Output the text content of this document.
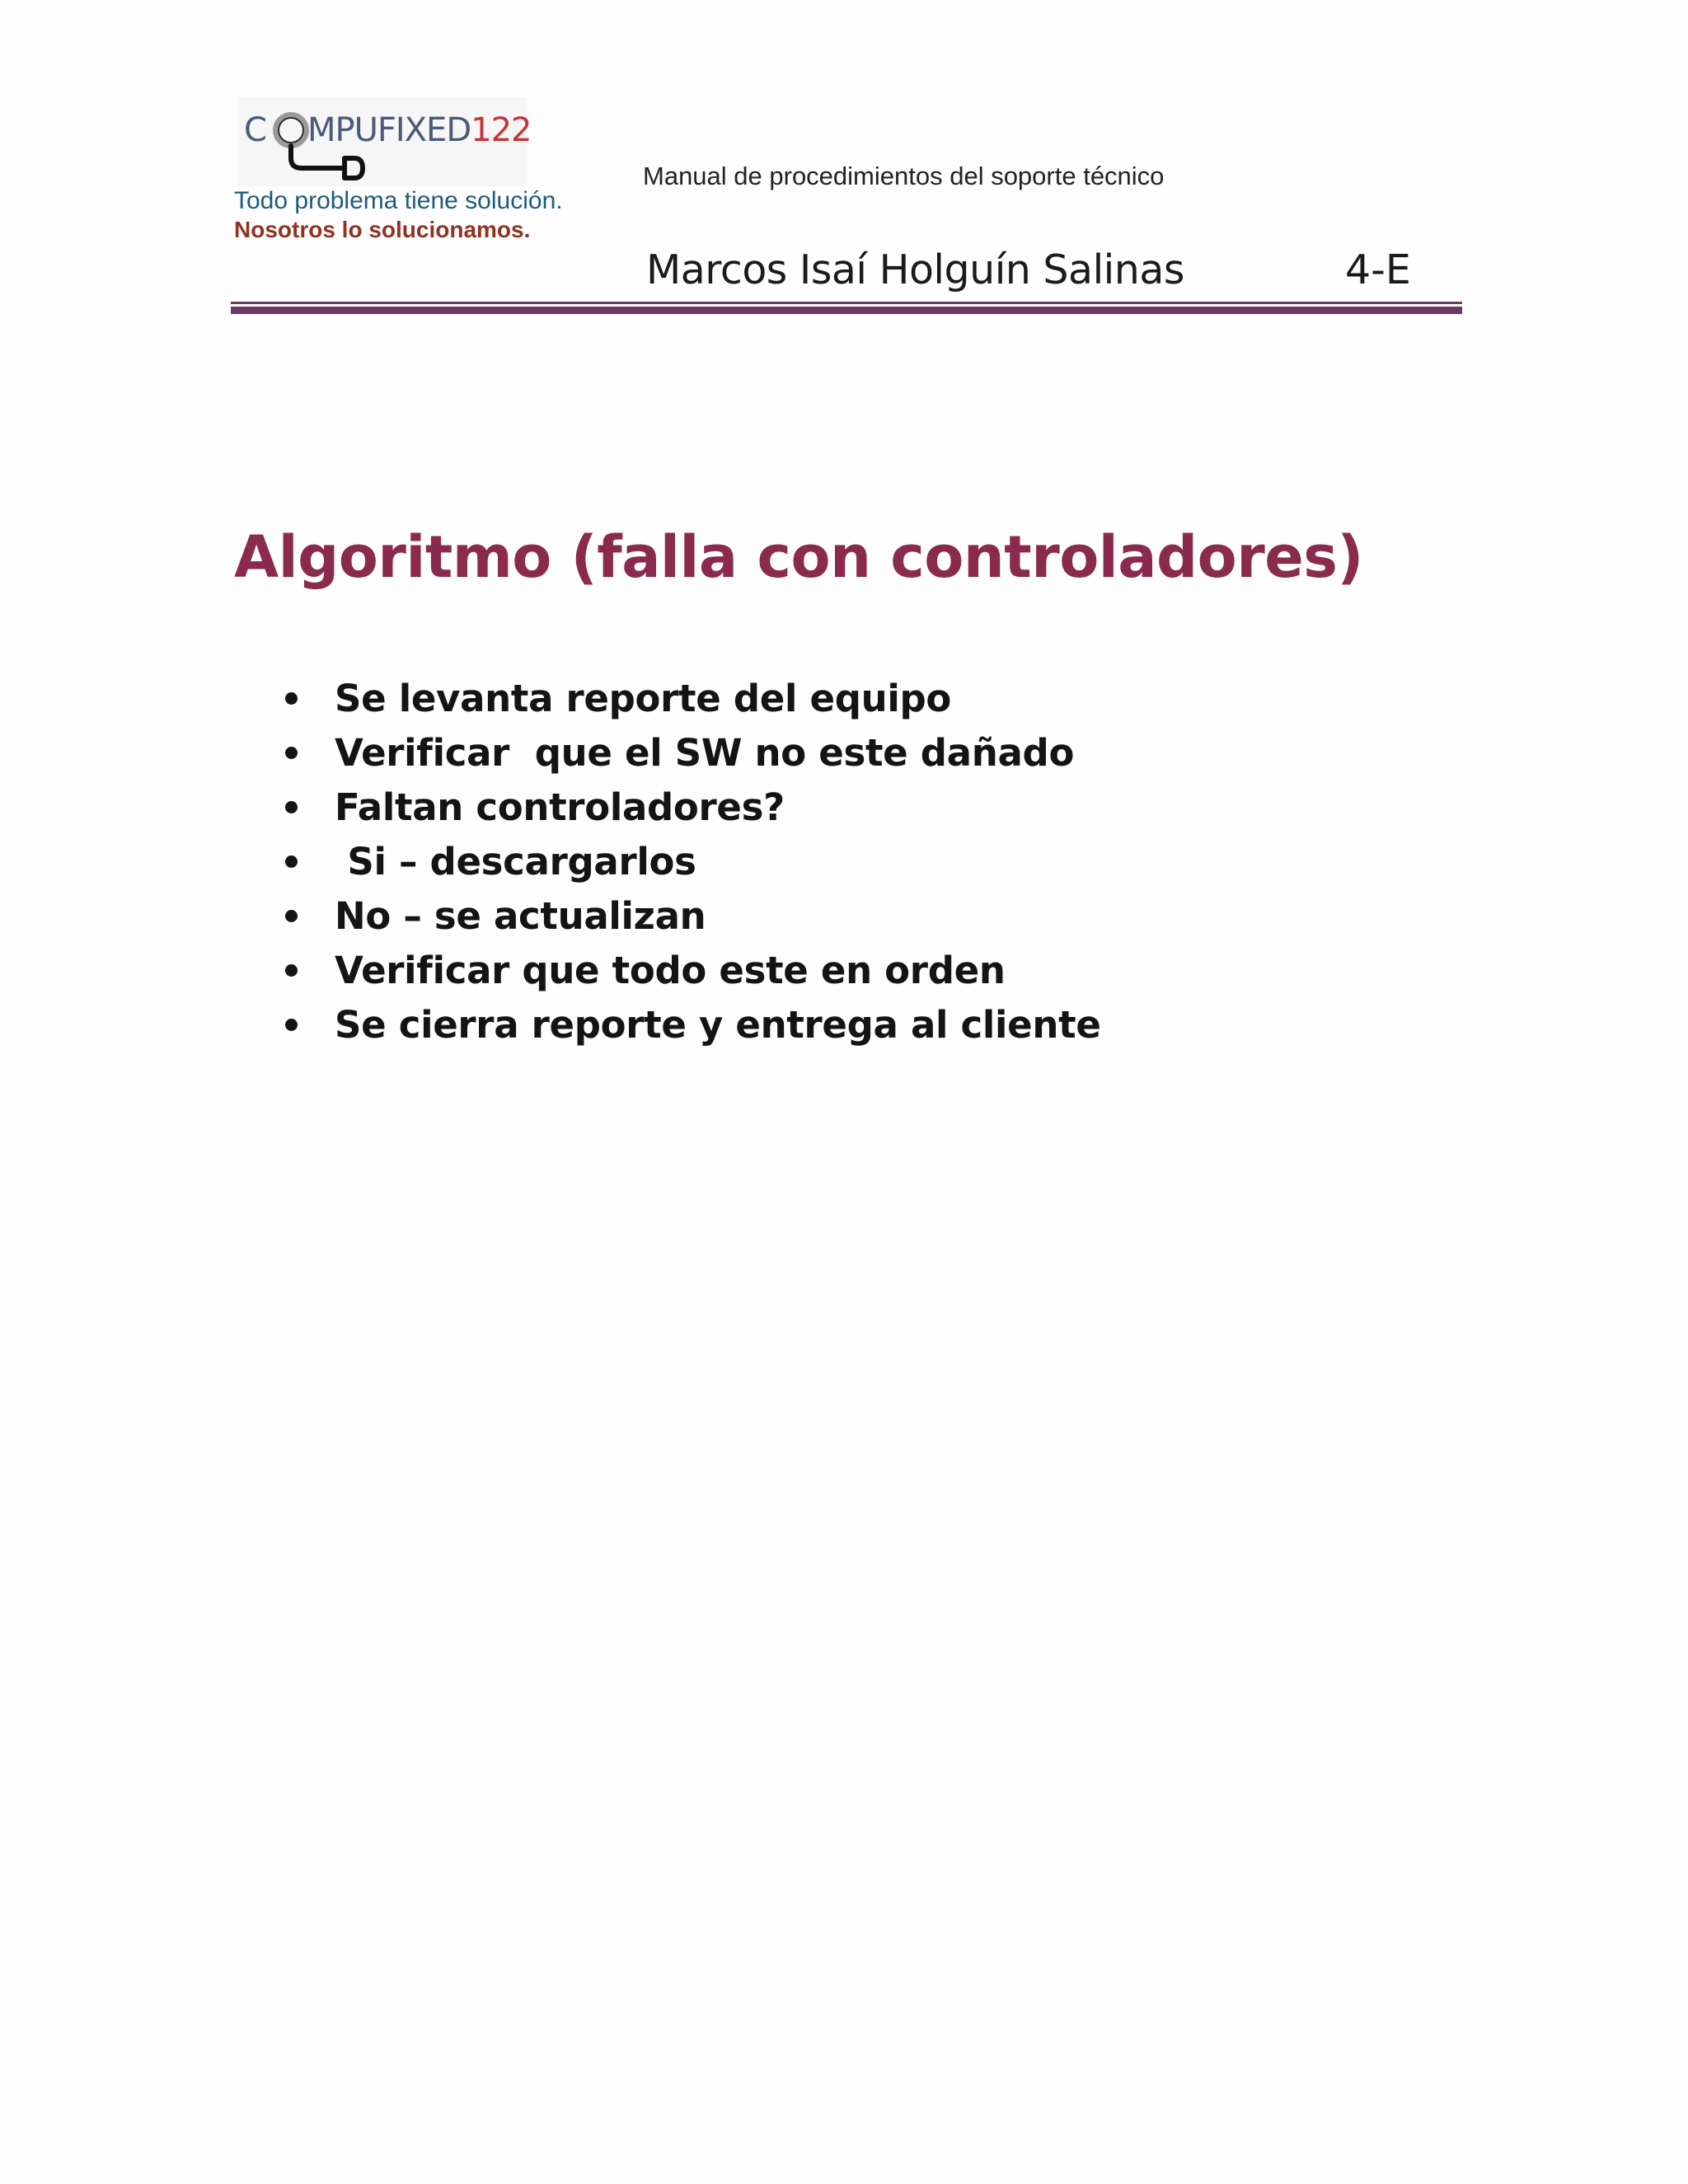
C MPUFIXED122
Todo problema tiene solución.
Nosotros lo solucionamos.
Manual de procedimientos del soporte técnico
Marcos Isaí Holguín Salinas	4-E
Algoritmo (falla con controladores)
Se levanta reporte del equipo
Verificar  que el SW no este dañado
Faltan controladores?
Si – descargarlos
No – se actualizan
Verificar que todo este en orden
Se cierra reporte y entrega al cliente
